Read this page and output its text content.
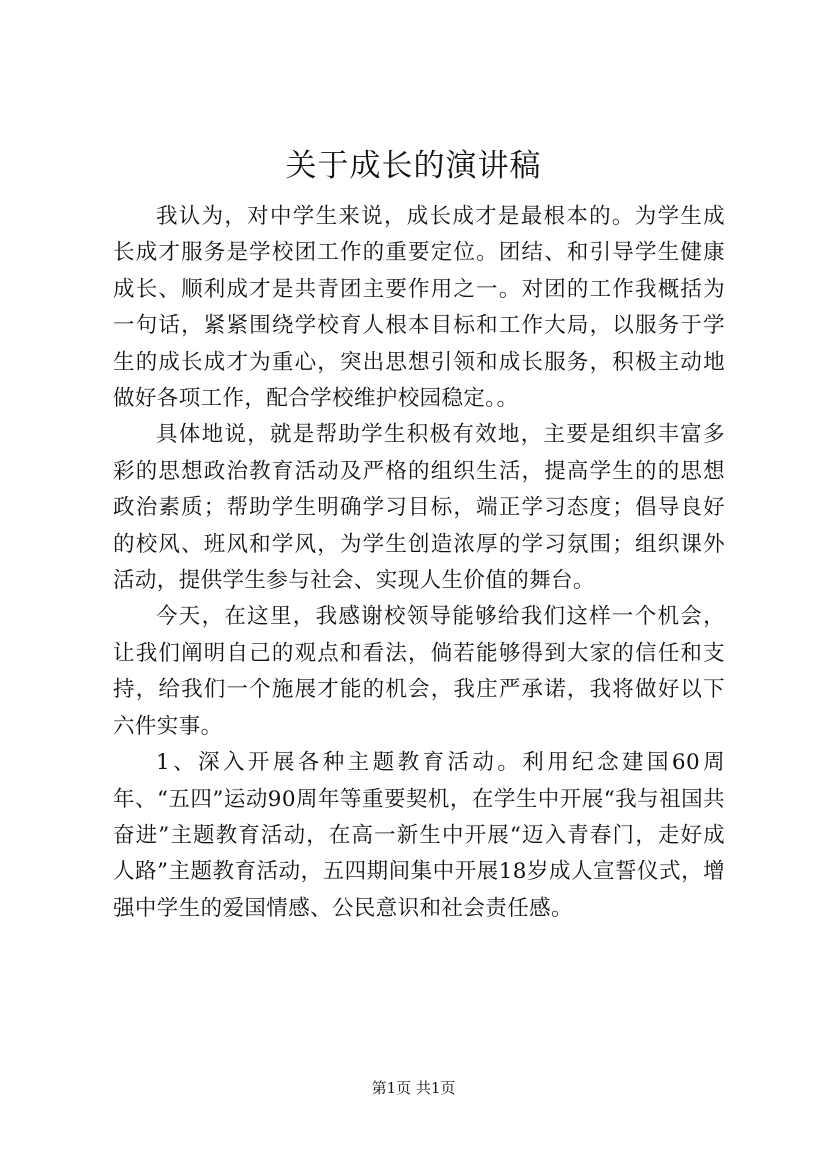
关于成长的演讲稿

我认为，对中学生来说，成长成才是最根本的。为学生成长成才服务是学校团工作的重要定位。团结、和引导学生健康成长、顺利成才是共青团主要作用之一。对团的工作我概括为一句话，紧紧围绕学校育人根本目标和工作大局，以服务于学生的成长成才为重心，突出思想引领和成长服务，积极主动地做好各项工作，配合学校维护校园稳定。。

具体地说，就是帮助学生积极有效地，主要是组织丰富多彩的思想政治教育活动及严格的组织生活，提高学生的的思想政治素质；帮助学生明确学习目标，端正学习态度；倡导良好的校风、班风和学风，为学生创造浓厚的学习氛围；组织课外活动，提供学生参与社会、实现人生价值的舞台。

今天，在这里，我感谢校领导能够给我们这样一个机会，让我们阐明自己的观点和看法，倘若能够得到大家的信任和支持，给我们一个施展才能的机会，我庄严承诺，我将做好以下六件实事。

1、深入开展各种主题教育活动。利用纪念建国60周年、“五四”运动90周年等重要契机，在学生中开展“我与祖国共奋进”主题教育活动，在高一新生中开展“迈入青春门，走好成人路”主题教育活动，五四期间集中开展18岁成人宣誓仪式，增强中学生的爱国情感、公民意识和社会责任感。

第1页 共1页
